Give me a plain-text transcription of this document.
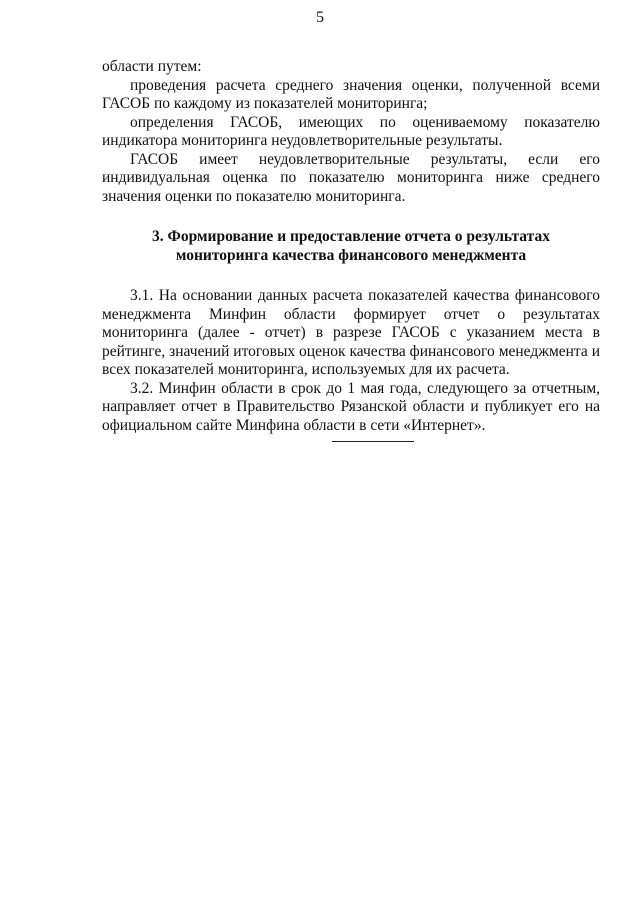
5

области путем:

проведения расчета среднего значения оценки, полученной всеми ГАСОБ по каждому из показателей мониторинга;

определения ГАСОБ, имеющих по оцениваемому показателю индикатора мониторинга неудовлетворительные результаты.

ГАСОБ имеет неудовлетворительные результаты, если его индивидуальная оценка по показателю мониторинга ниже среднего значения оценки по показателю мониторинга.

3. Формирование и предоставление отчета о результатах мониторинга качества финансового менеджмента

3.1. На основании данных расчета показателей качества финансового менеджмента Минфин области формирует отчет о результатах мониторинга (далее - отчет) в разрезе ГАСОБ с указанием места в рейтинге, значений итоговых оценок качества финансового менеджмента и всех показателей мониторинга, используемых для их расчета.

3.2. Минфин области в срок до 1 мая года, следующего за отчетным, направляет отчет в Правительство Рязанской области и публикует его на официальном сайте Минфина области в сети «Интернет».
